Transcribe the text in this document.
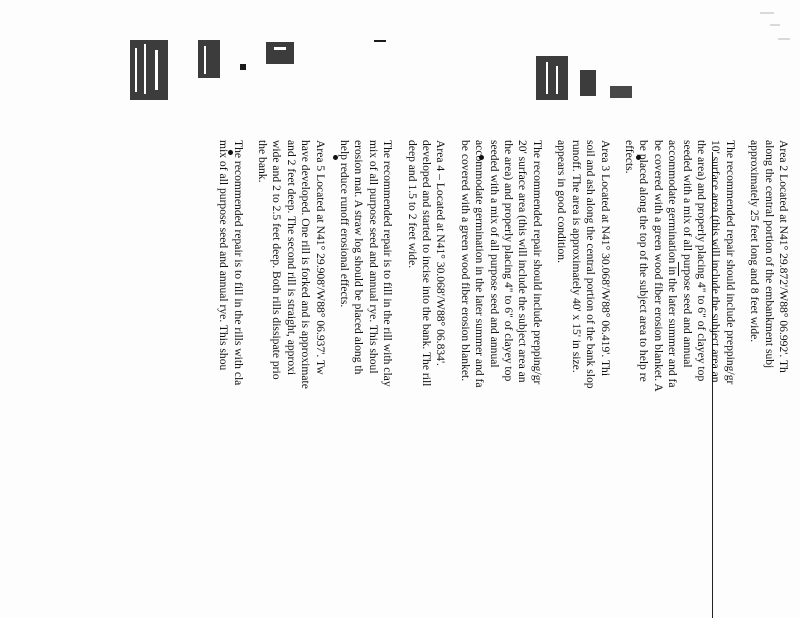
Area 2 Located at N41° 29.872'/W88° 06.992'. Th
along the central portion of the embankment subj
approximately 25 feet long and 8 feet wide.
The recommended repair should include prepping/gr
10' surface area (this will include the subject area an
the area) and properly placing 4" to 6" of clayey top
seeded with a mix of all purpose seed and annual
accommodate germination in the later summer and fa
be covered with a green wood fiber erosion blanket. A
be placed along the top of the subject area to help re
effects.
Area 3 Located at N41° 30.068'/W88° 06.419'. Thi
soil and ash along the central portion of the bank slop
runoff. The area is approximately 40' x 15' in size.
appears in good condition.
The recommended repair should include prepping/gr
20' surface area (this will include the subject area an
the area) and properly placing 4" to 6" of clayey top
seeded with a mix of all purpose seed and annual
accommodate germination in the later summer and fa
be covered with a green wood fiber erosion blanket.
Area 4 – Located at N41° 30.068'/W88° 06.834'.
developed and started to incise into the bank. The rill
deep and 1.5 to 2 feet wide.
The recommended repair is to fill in the rill with clay
mix of all purpose seed and annual rye. This shoul
erosion mat. A straw log should be placed along th
help reduce runoff erosional effects.
Area 5 Located at N41° 29.908'/W88° 06.937'. Tw
have developed. One rill is forked and is approximate
and 2 feet deep. The second rill is straight, approxi
wide and 2 to 2.5 feet deep. Both rills dissipate prio
the bank.
The recommended repair is to fill in the rills with cla
mix of all purpose seed and annual rye. This shou
